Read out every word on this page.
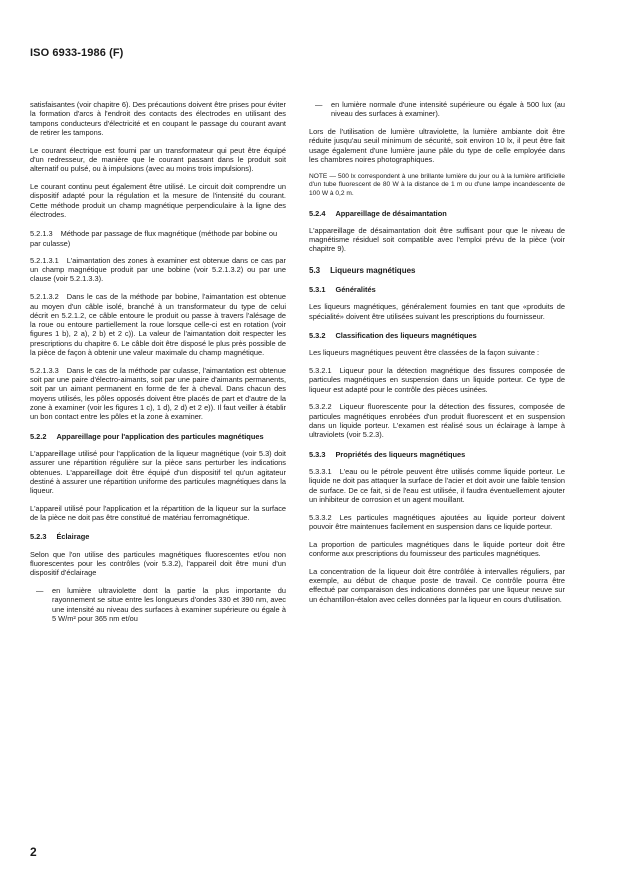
ISO 6933-1986 (F)

satisfaisantes (voir chapitre 6). Des précautions doivent être prises pour éviter la formation d'arcs à l'endroit des contacts des électrodes en utilisant des tampons conducteurs d'électricité et en coupant le passage du courant avant de retirer les tampons.

Le courant électrique est fourni par un transformateur qui peut être équipé d'un redresseur, de manière que le courant passant dans le produit soit alternatif ou pulsé, ou à impulsions (avec au moins trois impulsions).

Le courant continu peut également être utilisé. Le circuit doit comprendre un dispositif adapté pour la régulation et la mesure de l'intensité du courant. Cette méthode produit un champ magnétique perpendiculaire à la ligne des électrodes.

5.2.1.3 Méthode par passage de flux magnétique (méthode par bobine ou par culasse)

5.2.1.3.1 L'aimantation des zones à examiner est obtenue dans ce cas par un champ magnétique produit par une bobine (voir 5.2.1.3.2) ou par une clause (voir 5.2.1.3.3).

5.2.1.3.2 Dans le cas de la méthode par bobine, l'aimantation est obtenue au moyen d'un câble isolé, branché à un transformateur du type de celui décrit en 5.2.1.2, ce câble entoure le produit ou passe à travers l'alésage de la roue ou entoure partiellement la roue lorsque celle-ci est en rotation (voir figures 1 b), 2 a), 2 b) et 2 c)). La valeur de l'aimantation doit respecter les prescriptions du chapitre 6. Le câble doit être disposé le plus près possible de la pièce de façon à obtenir une valeur maximale du champ magnétique.

5.2.1.3.3 Dans le cas de la méthode par culasse, l'aimantation est obtenue soit par une paire d'électro-aimants, soit par une paire d'aimants permanents, soit par un aimant permanent en forme de fer à cheval. Dans chacun des moyens utilisés, les pôles opposés doivent être placés de part et d'autre de la zone à examiner (voir les figures 1 c), 1 d), 2 d) et 2 e)). Il faut veiller à établir un bon contact entre les pôles et la zone à examiner.

5.2.2 Appareillage pour l'application des particules magnétiques

L'appareillage utilisé pour l'application de la liqueur magnétique (voir 5.3) doit assurer une répartition régulière sur la pièce sans perturber les indications obtenues. L'appareillage doit être équipé d'un dispositif tel qu'un agitateur destiné à assurer une répartition uniforme des particules magnétiques dans la liqueur.

L'appareil utilisé pour l'application et la répartition de la liqueur sur la surface de la pièce ne doit pas être constitué de matériau ferromagnétique.

5.2.3 Éclairage

Selon que l'on utilise des particules magnétiques fluorescentes et/ou non fluorescentes pour les contrôles (voir 5.3.2), l'appareil doit être muni d'un dispositif d'éclairage

—	en lumière ultraviolette dont la partie la plus importante du rayonnement se situe entre les longueurs d'ondes 330 et 390 nm, avec une intensité au niveau des surfaces à examiner supérieure ou égale à 5 W/m² pour 365 nm et/ou
—	en lumière normale d'une intensité supérieure ou égale à 500 lux (au niveau des surfaces à examiner).

Lors de l'utilisation de lumière ultraviolette, la lumière ambiante doit être réduite jusqu'au seuil minimum de sécurité, soit environ 10 lx, il peut être fait usage également d'une lumière jaune pâle du type de celle employée dans les chambres noires photographiques.

NOTE — 500 lx correspondent à une brillante lumière du jour ou à la lumière artificielle d'un tube fluorescent de 80 W à la distance de 1 m ou d'une lampe incandescente de 100 W à 0,2 m.

5.2.4 Appareillage de désaimantation

L'appareillage de désaimantation doit être suffisant pour que le niveau de magnétisme résiduel soit compatible avec l'emploi prévu de la pièce (voir chapitre 9).

5.3 Liqueurs magnétiques
5.3.1 Généralités

Les liqueurs magnétiques, généralement fournies en tant que «produits de spécialité» doivent être utilisées suivant les prescriptions du fournisseur.

5.3.2 Classification des liqueurs magnétiques

Les liqueurs magnétiques peuvent être classées de la façon suivante :

5.3.2.1 Liqueur pour la détection magnétique des fissures composée de particules magnétiques en suspension dans un liquide porteur. Ce type de liqueur est adapté pour le contrôle des pièces usinées.

5.3.2.2 Liqueur fluorescente pour la détection des fissures, composée de particules magnétiques enrobées d'un produit fluorescent et en suspension dans un liquide porteur. L'examen est réalisé sous un éclairage à lampe à ultraviolets (voir 5.2.3).

5.3.3 Propriétés des liqueurs magnétiques

5.3.3.1 L'eau ou le pétrole peuvent être utilisés comme liquide porteur. Le liquide ne doit pas attaquer la surface de l'acier et doit avoir une faible tension de surface. De ce fait, si de l'eau est utilisée, il faudra éventuellement ajouter un inhibiteur de corrosion et un agent mouillant.

5.3.3.2 Les particules magnétiques ajoutées au liquide porteur doivent pouvoir être maintenues facilement en suspension dans ce liquide porteur.

La proportion de particules magnétiques dans le liquide porteur doit être conforme aux prescriptions du fournisseur des particules magnétiques.

La concentration de la liqueur doit être contrôlée à intervalles réguliers, par exemple, au début de chaque poste de travail. Ce contrôle pourra être effectué par comparaison des indications données par une liqueur neuve sur un échantillon-étalon avec celles données par la liqueur en cours d'utilisation.

2
